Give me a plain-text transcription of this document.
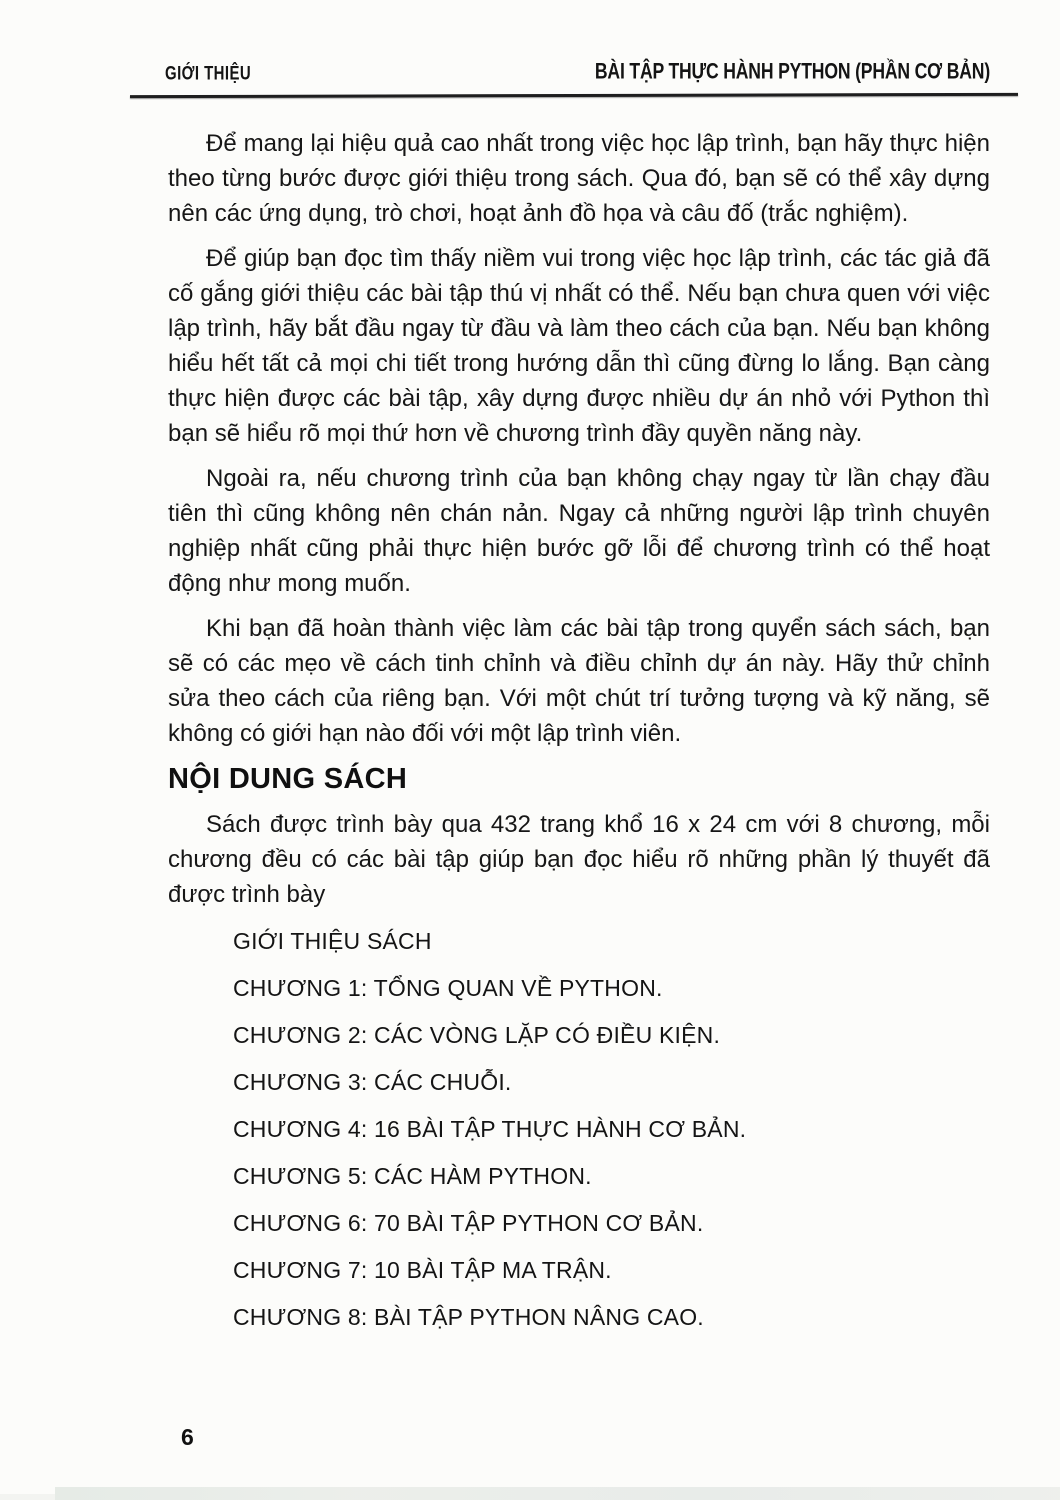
GIỚI THIỆU	BÀI TẬP THỰC HÀNH PYTHON (PHẦN CƠ BẢN)

Để mang lại hiệu quả cao nhất trong việc học lập trình, bạn hãy thực hiện theo từng bước được giới thiệu trong sách. Qua đó, bạn sẽ có thể xây dựng nên các ứng dụng, trò chơi, hoạt ảnh đồ họa và câu đố (trắc nghiệm).

Để giúp bạn đọc tìm thấy niềm vui trong việc học lập trình, các tác giả đã cố gắng giới thiệu các bài tập thú vị nhất có thể. Nếu bạn chưa quen với việc lập trình, hãy bắt đầu ngay từ đầu và làm theo cách của bạn. Nếu bạn không hiểu hết tất cả mọi chi tiết trong hướng dẫn thì cũng đừng lo lắng. Bạn càng thực hiện được các bài tập, xây dựng được nhiều dự án nhỏ với Python thì bạn sẽ hiểu rõ mọi thứ hơn về chương trình đầy quyền năng này.

Ngoài ra, nếu chương trình của bạn không chạy ngay từ lần chạy đầu tiên thì cũng không nên chán nản. Ngay cả những người lập trình chuyên nghiệp nhất cũng phải thực hiện bước gỡ lỗi để chương trình có thể hoạt động như mong muốn.

Khi bạn đã hoàn thành việc làm các bài tập trong quyển sách sách, bạn sẽ có các mẹo về cách tinh chỉnh và điều chỉnh dự án này. Hãy thử chỉnh sửa theo cách của riêng bạn. Với một chút trí tưởng tượng và kỹ năng, sẽ không có giới hạn nào đối với một lập trình viên.

NỘI DUNG SÁCH

Sách được trình bày qua 432 trang khổ 16 x 24 cm với 8 chương, mỗi chương đều có các bài tập giúp bạn đọc hiểu rõ những phần lý thuyết đã được trình bày

GIỚI THIỆU SÁCH
CHƯƠNG 1: TỔNG QUAN VỀ PYTHON.
CHƯƠNG 2: CÁC VÒNG LẶP CÓ ĐIỀU KIỆN.
CHƯƠNG 3: CÁC CHUỖI.
CHƯƠNG 4: 16 BÀI TẬP THỰC HÀNH CƠ BẢN.
CHƯƠNG 5: CÁC HÀM PYTHON.
CHƯƠNG 6: 70 BÀI TẬP PYTHON CƠ BẢN.
CHƯƠNG 7: 10 BÀI TẬP MA TRẬN.
CHƯƠNG 8: BÀI TẬP PYTHON NÂNG CAO.
6
